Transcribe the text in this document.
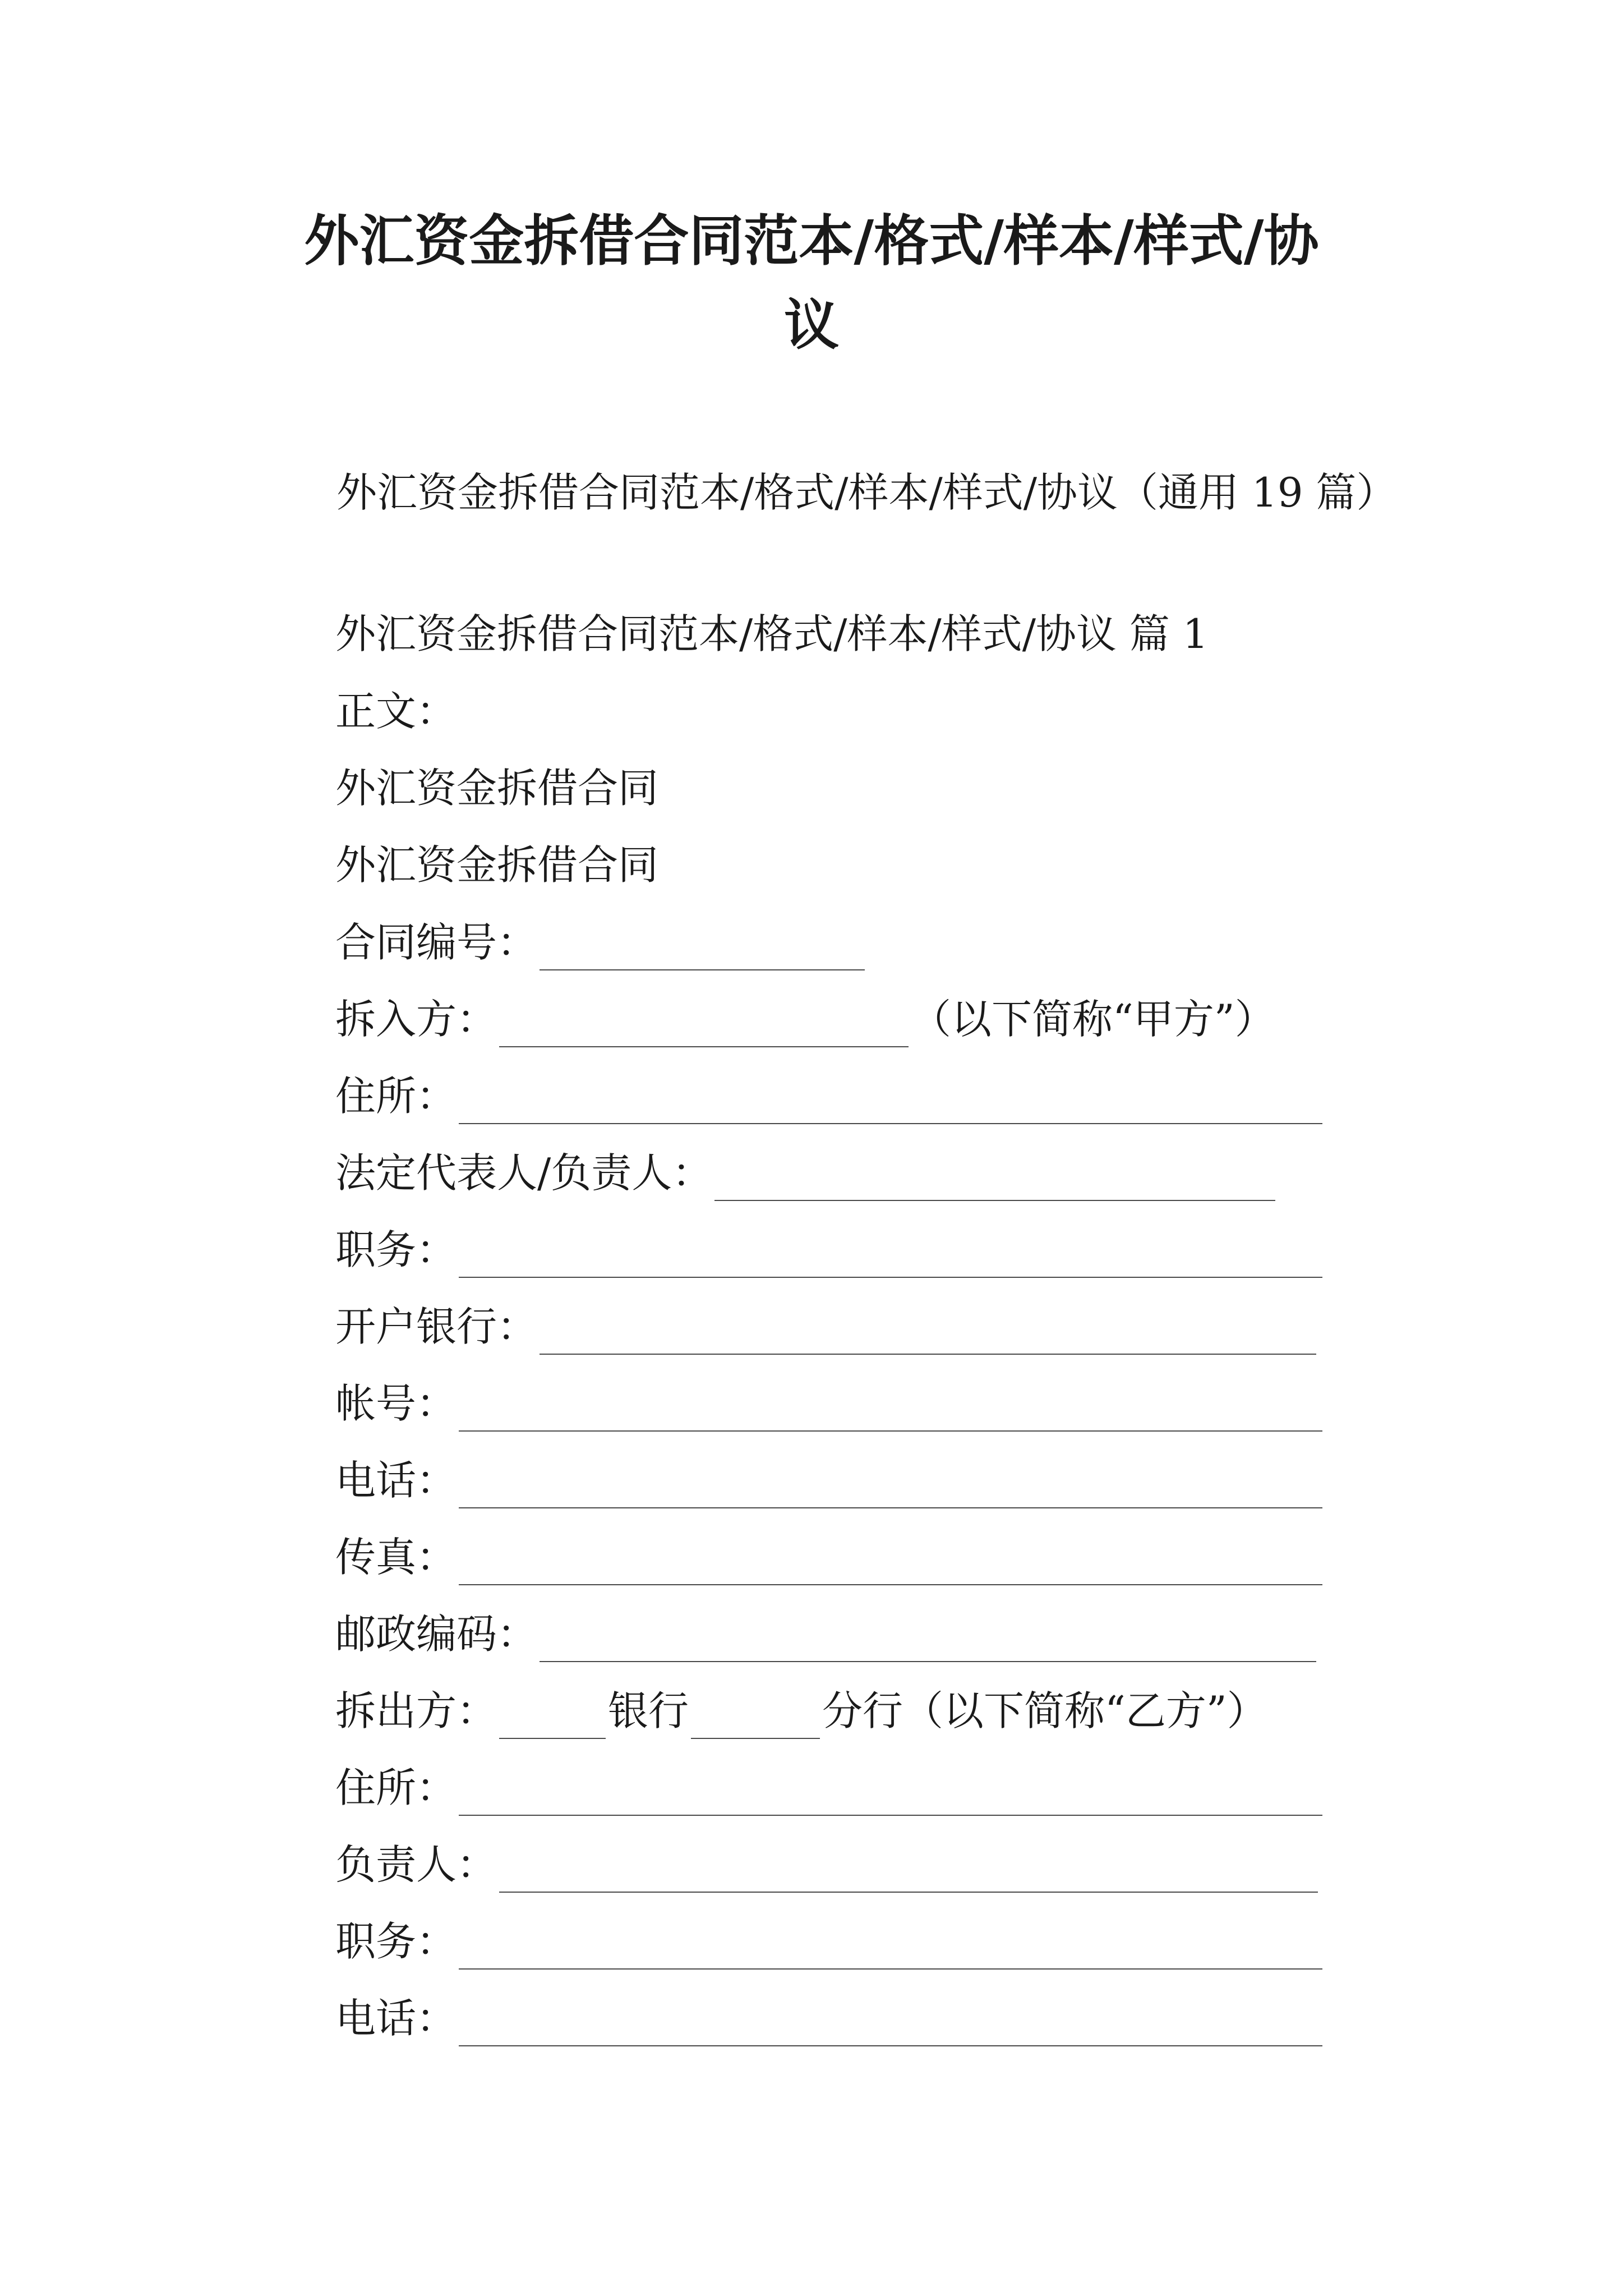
外汇资金拆借合同范本/格式/样本/样式/协
议

外汇资金拆借合同范本/格式/样本/样式/协议（通用 19 篇）

外汇资金拆借合同范本/格式/样本/样式/协议 篇 1
正文：
外汇资金拆借合同
外汇资金拆借合同
合同编号：
拆入方：	（以下简称“甲方”）
住所：
法定代表人/负责人：
职务：
开户银行：
帐号：
电话：
传真：
邮政编码：
拆出方：	银行	分行（以下简称“乙方”）
住所：
负责人：
职务：
电话：
